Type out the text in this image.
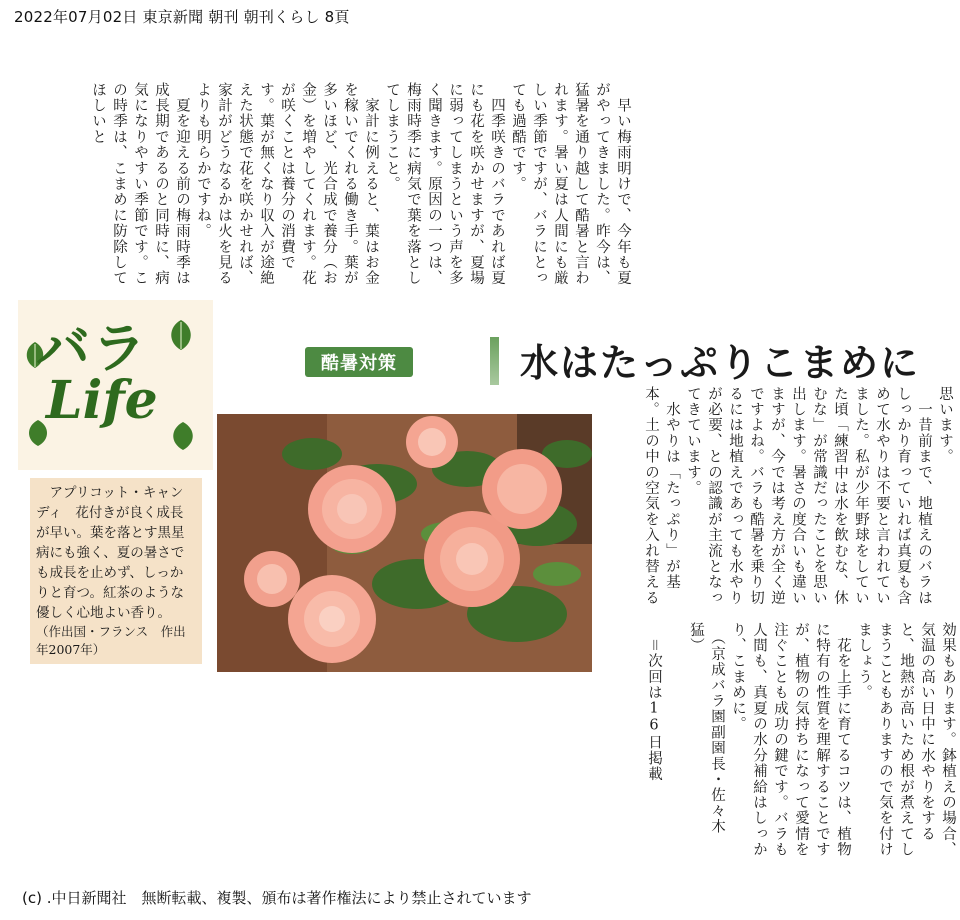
2022年07月02日 東京新聞 朝刊 朝刊くらし 8頁
　早い梅雨明けで、今年も夏がやってきました。昨今は、猛暑を通り越して酷暑と言われます。暑い夏は人間にも厳しい季節ですが、バラにとっても過酷です。
　四季咲きのバラであれば夏にも花を咲かせますが、夏場に弱ってしまうという声を多く聞きます。原因の一つは、梅雨時季に病気で葉を落としてしまうこと。
　家計に例えると、葉はお金を稼いでくれる働き手。葉が多いほど、光合成で養分（お金）を増やしてくれます。花が咲くことは養分の消費です。葉が無くなり収入が途絶えた状態で花を咲かせれば、家計がどうなるかは火を見るよりも明らかですね。
　夏を迎える前の梅雨時季は成長期であるのと同時に、病気になりやすい季節です。この時季は、こまめに防除してほしいと
バラ
Life
酷暑対策	水はたっぷりこまめに
　アプリコット・キャンディ　花付きが良く成長が早い。葉を落とす黒星病にも強く、夏の暑さでも成長を止めず、しっかりと育つ。紅茶のような優しく心地よい香り。
（作出国・フランス　作出年2007年）
思います。
　一昔前まで、地植えのバラはしっかり育っていれば真夏も含めて水やりは不要と言われていました。私が少年野球をしていた頃「練習中は水を飲むな、休むな」が常識だったことを思い出します。暑さの度合いも違いますが、今では考え方が全く逆ですよね。バラも酷暑を乗り切るには地植えであっても水やりが必要、との認識が主流となってきています。
　水やりは「たっぷり」が基本。土の中の空気を入れ替える
効果もあります。鉢植えの場合、気温の高い日中に水やりをすると、地熱が高いため根が煮えてしまうこともありますので気を付けましょう。
　花を上手に育てるコツは、植物に特有の性質を理解することですが、植物の気持ちになって愛情を注ぐことも成功の鍵です。バラも人間も、真夏の水分補給はしっかり、こまめに。
　（京成バラ園副園長・佐々木猛）

　＝次回は16日掲載
(c) .中日新聞社　無断転載、複製、頒布は著作権法により禁止されています
